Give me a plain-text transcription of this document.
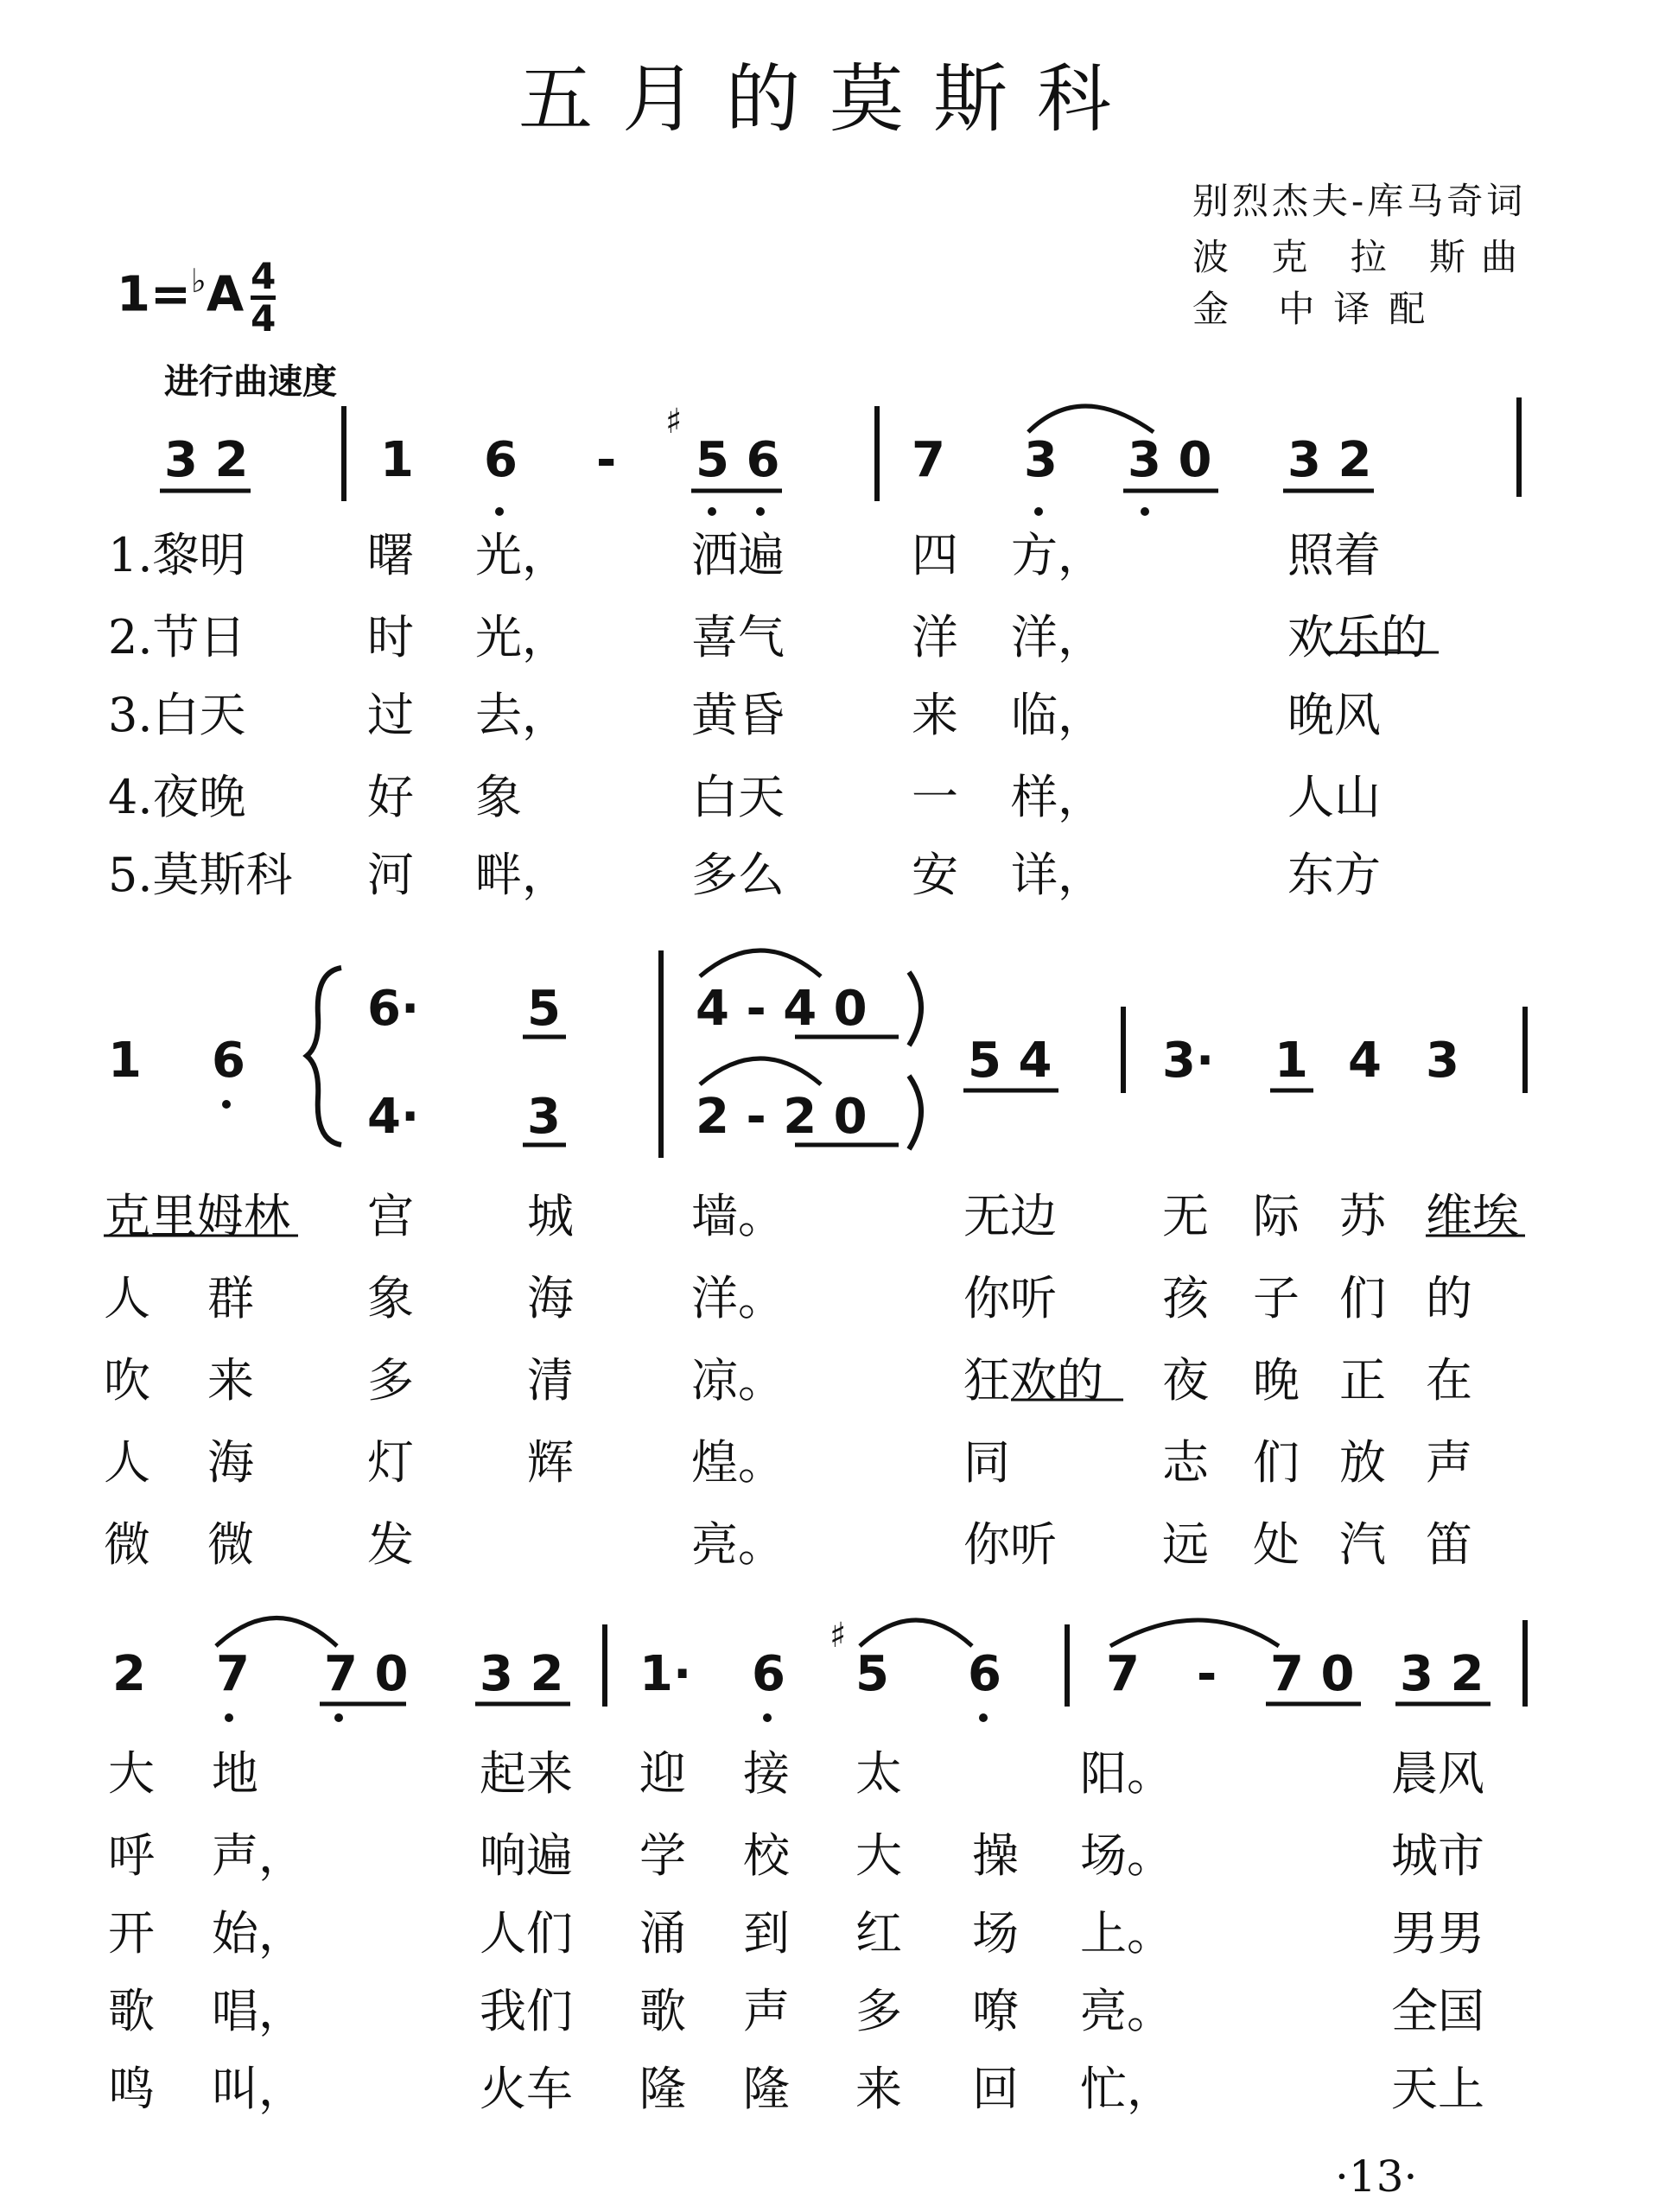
五月的莫斯科
别烈杰夫-库马奇词
波 克 拉 斯曲
金 中译配
$1=^♭A \frac{4}{4}$
进行曲速度
3 2	1 6 -
♯
5 6	7 3 3 0 3 2
1.黎明	曙 光，	洒遍	四 方，	照着
2.节日	时 光，	喜气	洋 洋，	欢乐的
3.白天	过 去，	黄昏	来 临，	晚风
4.夜晚	好 象	白天	一 样，	人山
5.莫斯科 河 畔，	多么	安 详，	东方
1 6
6· 5	4 - 4 0
4· 3	2 - 2 0
5 4 3· 1 4 3
克里姆林 宫 城	墙。	无边 无 际 苏 维埃
人 群 象 海	洋。	你听 孩 子 们 的
吹 来 多 清	凉。	狂欢的 夜 晚 正 在
人 海 灯 辉	煌。	同	志 们 放 声
微 微 发	亮。	你听 远 处 汽 笛
2 7 7 0 3 2 1· 6
♯
5 6 7 - 7 0 3 2
大 地	起来 迎 接 太	阳。	晨风
呼 声，	响遍 学 校 大 操 场。	城市
开 始，	人们 涌 到 红 场 上。	男男
歌 唱，	我们 歌 声 多 嘹 亮。	全国
鸣 叫，	火车 隆 隆 来 回 忙，	天上
·13·
